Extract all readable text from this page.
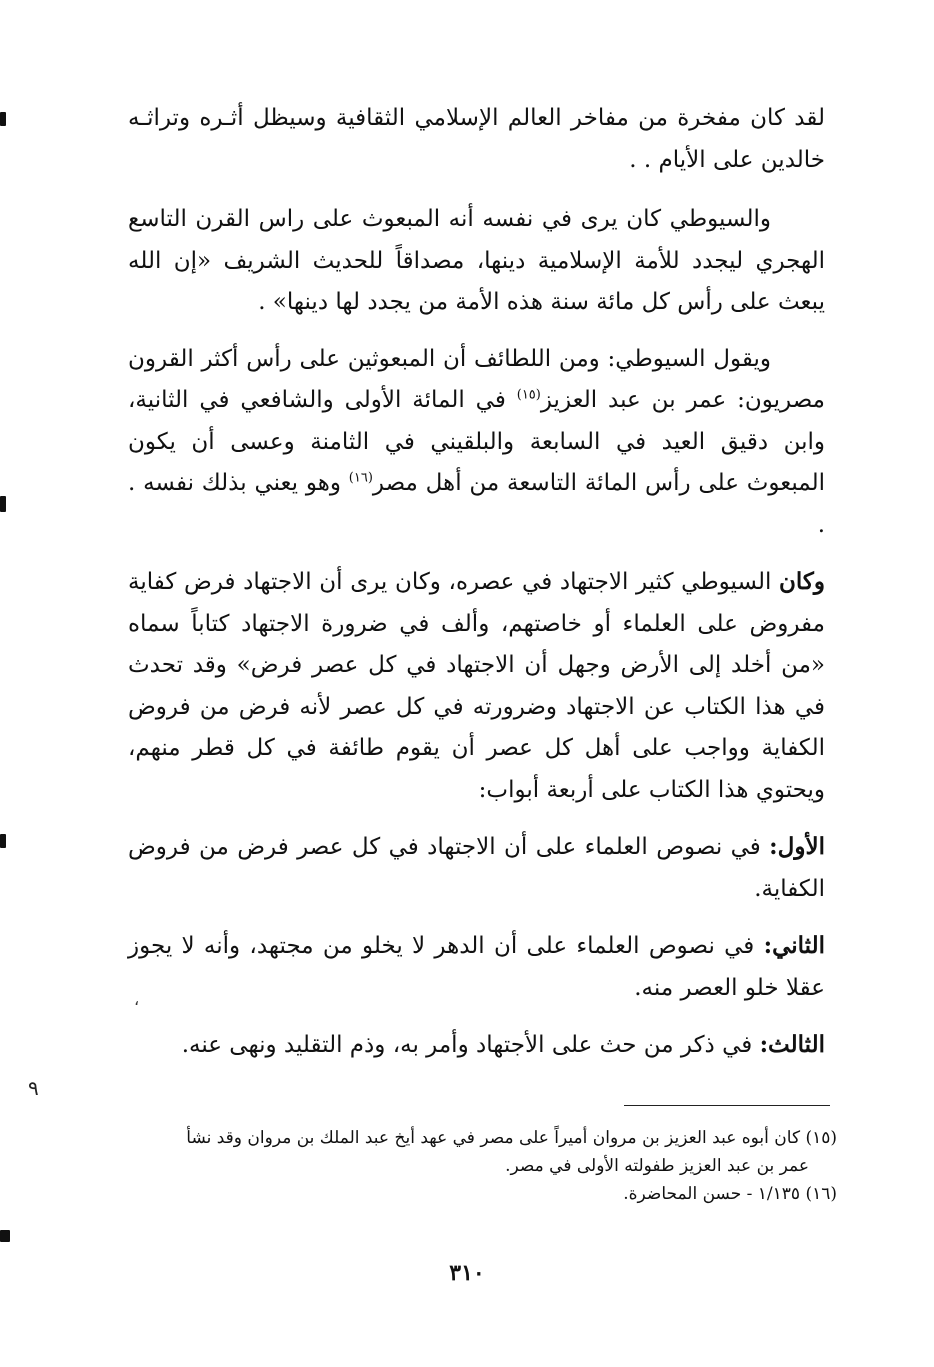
٩
،

لقد كان مفخرة من مفاخر العالم الإسلامي الثقافية وسيظل أثـره وتراثـه خالدين على الأيام . .

والسيوطي كان يرى في نفسه أنه المبعوث على راس القرن التاسع الهجري ليجدد للأمة الإسلامية دينها، مصداقاً للحديث الشريف «إن الله يبعث على رأس كل مائة سنة هذه الأمة من يجدد لها دينها» .

ويقول السيوطي: ومن اللطائف أن المبعوثين على رأس أكثر القرون مصريون: عمر بن عبد العزيز$^{(١٥)}$ في المائة الأولى والشافعي في الثانية، وابن دقيق العيد في السابعة والبلقيني في الثامنة وعسى أن يكون المبعوث على رأس المائة التاسعة من أهل مصر$^{(١٦)}$ وهو يعني بذلك نفسه . .

وكان السيوطي كثير الاجتهاد في عصره، وكان يرى أن الاجتهاد فرض كفاية مفروض على العلماء أو خاصتهم، وألف في ضرورة الاجتهاد كتاباً سماه «من أخلد إلى الأرض وجهل أن الاجتهاد في كل عصر فرض» وقد تحدث في هذا الكتاب عن الاجتهاد وضرورته في كل عصر لأنه فرض من فروض الكفاية وواجب على أهل كل عصر أن يقوم طائفة في كل قطر منهم، ويحتوي هذا الكتاب على أربعة أبواب:

الأول: في نصوص العلماء على أن الاجتهاد في كل عصر فرض من فروض الكفاية.

الثاني: في نصوص العلماء على أن الدهر لا يخلو من مجتهد، وأنه لا يجوز عقلا خلو العصر منه.

الثالث: في ذكر من حث على الأجتهاد وأمر به، وذم التقليد ونهى عنه.

(١٥) كان أبوه عبد العزيز بن مروان أميراً على مصر في عهد أيخ عبد الملك بن مروان وقد نشأ

عمر بن عبد العزيز طفولته الأولى في مصر.

(١٦) ١/١٣٥ - حسن المحاضرة.

٣١٠
